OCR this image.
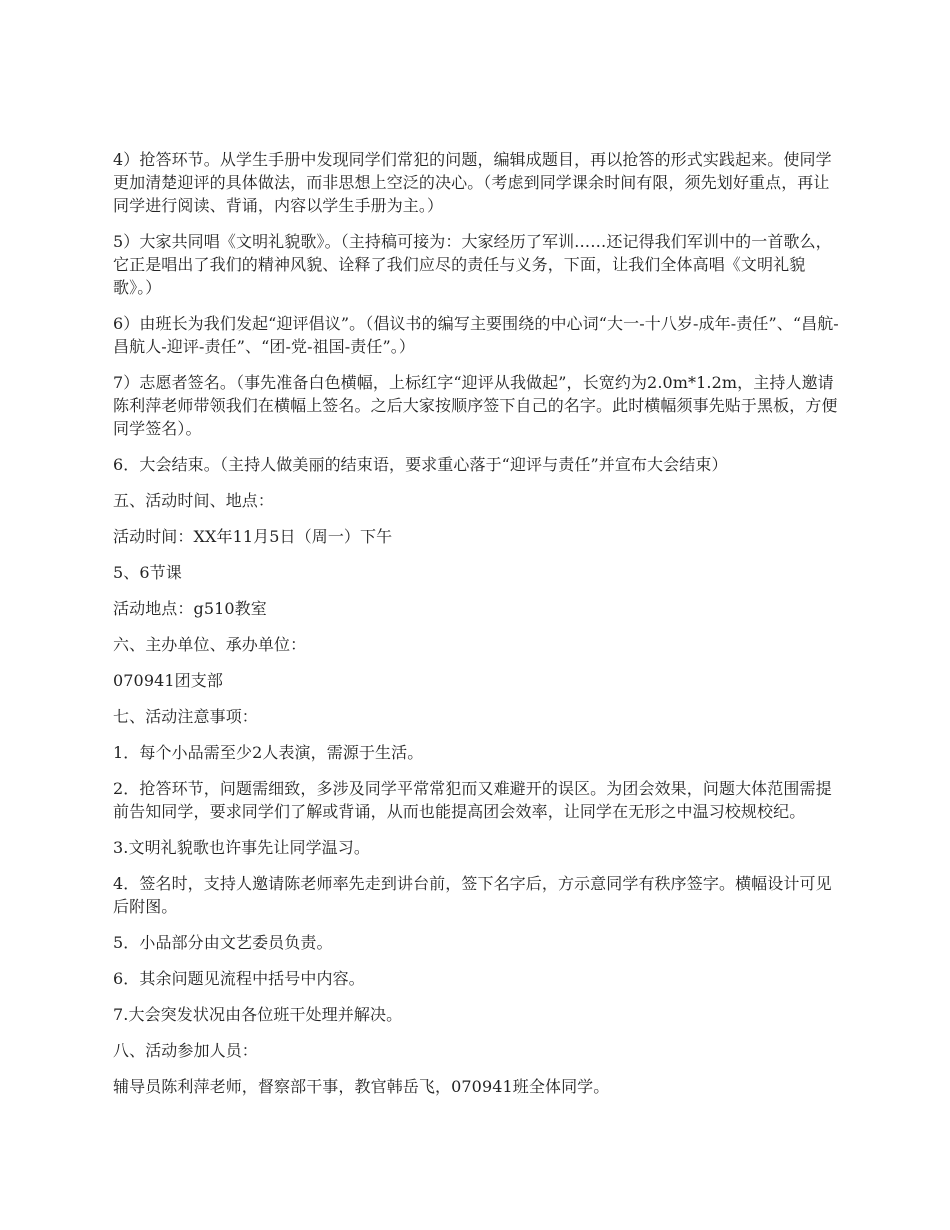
4）抢答环节。从学生手册中发现同学们常犯的问题，编辑成题目，再以抢答的形式实践起来。使同学更加清楚迎评的具体做法，而非思想上空泛的决心。（考虑到同学课余时间有限，须先划好重点，再让同学进行阅读、背诵，内容以学生手册为主。）

5）大家共同唱《文明礼貌歌》。（主持稿可接为：大家经历了军训……还记得我们军训中的一首歌么，它正是唱出了我们的精神风貌、诠释了我们应尽的责任与义务，下面，让我们全体高唱《文明礼貌歌》。）

6）由班长为我们发起“迎评倡议”。（倡议书的编写主要围绕的中心词“大一-十八岁-成年-责任”、“昌航-昌航人-迎评-责任”、“团-党-祖国-责任”。）

7）志愿者签名。（事先准备白色横幅，上标红字“迎评从我做起”，长宽约为2.0m*1.2m，主持人邀请陈利萍老师带领我们在横幅上签名。之后大家按顺序签下自己的名字。此时横幅须事先贴于黑板，方便同学签名）。

6．大会结束。（主持人做美丽的结束语，要求重心落于“迎评与责任”并宣布大会结束）

五、活动时间、地点：

活动时间：XX年11月5日（周一）下午

5、6节课

活动地点：g510教室

六、主办单位、承办单位：

070941团支部

七、活动注意事项：

1．每个小品需至少2人表演，需源于生活。

2．抢答环节，问题需细致，多涉及同学平常常犯而又难避开的误区。为团会效果，问题大体范围需提前告知同学，要求同学们了解或背诵，从而也能提高团会效率，让同学在无形之中温习校规校纪。

3.文明礼貌歌也许事先让同学温习。

4．签名时，支持人邀请陈老师率先走到讲台前，签下名字后，方示意同学有秩序签字。横幅设计可见后附图。

5．小品部分由文艺委员负责。

6．其余问题见流程中括号中内容。

7.大会突发状况由各位班干处理并解决。

八、活动参加人员：

辅导员陈利萍老师，督察部干事，教官韩岳飞，070941班全体同学。
